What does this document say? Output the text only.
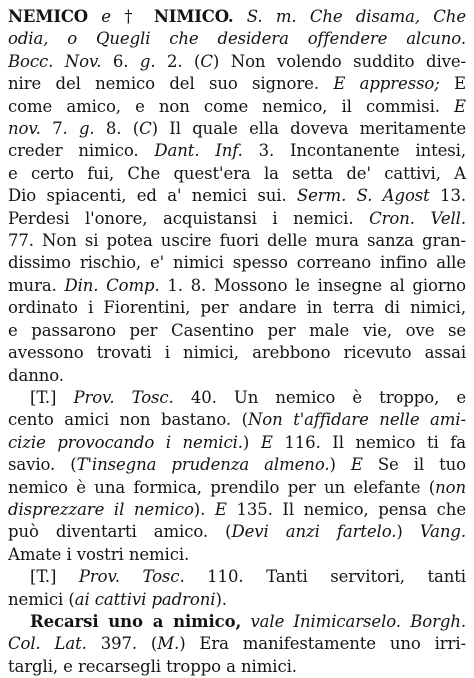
NEMICO e † NIMICO. S. m. Che disama, Che
odia, o Quegli che desidera offendere alcuno.
Bocc. Nov. 6. g. 2. (C) Non volendo suddito dive-
nire del nemico del suo signore. E appresso; E
come amico, e non come nemico, il commisi. E
nov. 7. g. 8. (C) Il quale ella doveva meritamente
creder nimico. Dant. Inf. 3. Incontanente intesi,
e certo fui, Che quest'era la setta de' cattivi, A
Dio spiacenti, ed a' nemici sui. Serm. S. Agost 13.
Perdesi l'onore, acquistansi i nemici. Cron. Vell.
77. Non si potea uscire fuori delle mura sanza gran-
dissimo rischio, e' nimici spesso correano infino alle
mura. Din. Comp. 1. 8. Mossono le insegne al giorno
ordinato i Fiorentini, per andare in terra di nimici,
e passarono per Casentino per male vie, ove se
avessono trovati i nimici, arebbono ricevuto assai
danno.
[T.] Prov. Tosc. 40. Un nemico è troppo, e
cento amici non bastano. (Non t'affidare nelle ami-
cizie provocando i nemici.) E 116. Il nemico ti fa
savio. (T'insegna prudenza almeno.) E Se il tuo
nemico è una formica, prendilo per un elefante (non
disprezzare il nemico). E 135. Il nemico, pensa che
può diventarti amico. (Devi anzi fartelo.) Vang.
Amate i vostri nemici.
[T.] Prov. Tosc. 110. Tanti servitori, tanti
nemici (ai cattivi padroni).
Recarsi uno a nimico, vale Inimicarselo. Borgh.
Col. Lat. 397. (M.) Era manifestamente uno irri-
targli, e recarsegli troppo a nimici.
